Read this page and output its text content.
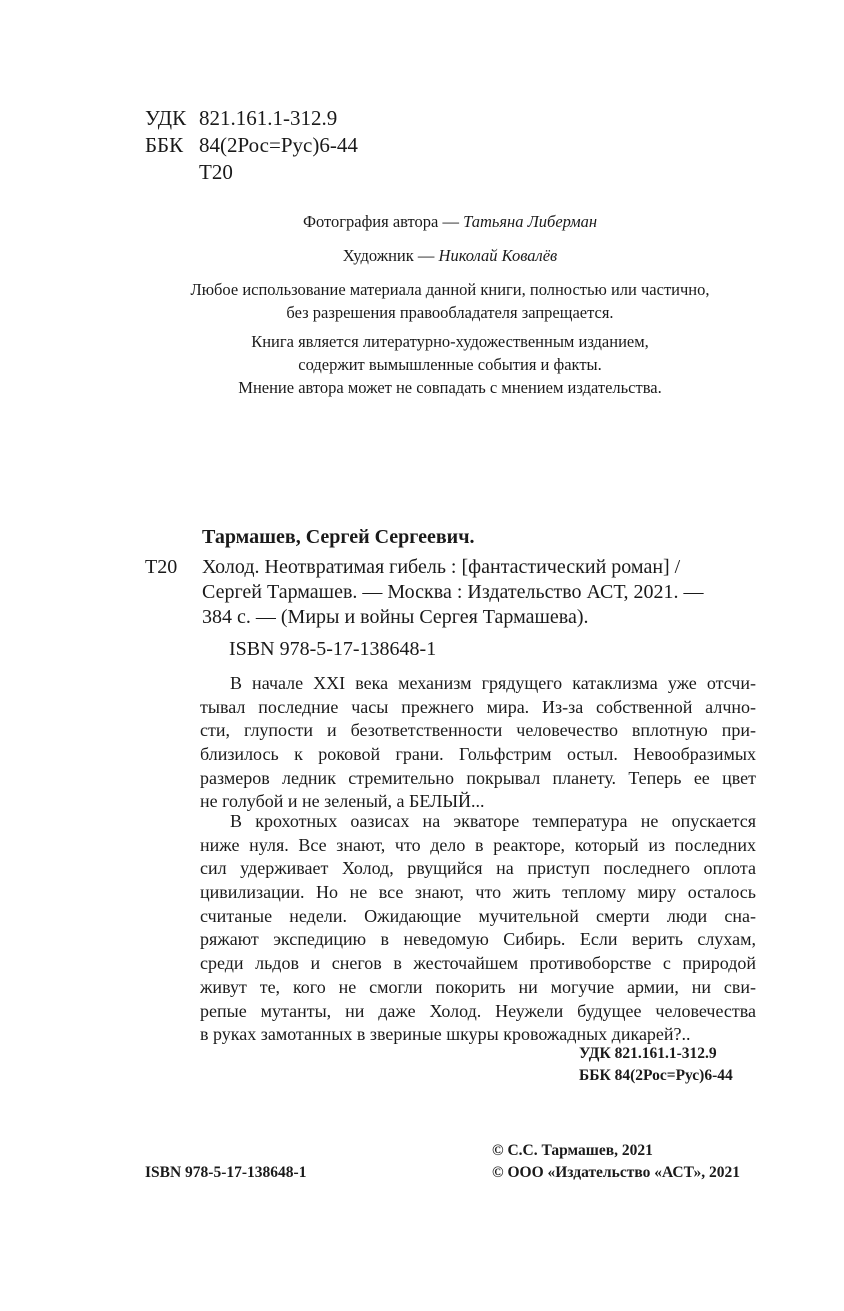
УДК 821.161.1-312.9
ББК 84(2Рос=Рус)6-44
Т20
Фотография автора — Татьяна Либерман
Художник — Николай Ковалёв
Любое использование материала данной книги, полностью или частично,
без разрешения правообладателя запрещается.
Книга является литературно-художественным изданием,
содержит вымышленные события и факты.
Мнение автора может не совпадать с мнением издательства.
Тармашев, Сергей Сергеевич.
Т20 Холод. Неотвратимая гибель : [фантастический роман] /
Сергей Тармашев. — Москва : Издательство АСТ, 2021. —
384 с. — (Миры и войны Сергея Тармашева).
ISBN 978-5-17-138648-1
В начале XXI века механизм грядущего катаклизма уже отсчи-
тывал последние часы прежнего мира. Из-за собственной алчно-
сти, глупости и безответственности человечество вплотную при-
близилось к роковой грани. Гольфстрим остыл. Невообразимых
размеров ледник стремительно покрывал планету. Теперь ее цвет
не голубой и не зеленый, а БЕЛЫЙ...
В крохотных оазисах на экваторе температура не опускается
ниже нуля. Все знают, что дело в реакторе, который из последних
сил удерживает Холод, рвущийся на приступ последнего оплота
цивилизации. Но не все знают, что жить теплому миру осталось
считаные недели. Ожидающие мучительной смерти люди сна-
ряжают экспедицию в неведомую Сибирь. Если верить слухам,
среди льдов и снегов в жесточайшем противоборстве с природой
живут те, кого не смогли покорить ни могучие армии, ни сви-
репые мутанты, ни даже Холод. Неужели будущее человечества
в руках замотанных в звериные шкуры кровожадных дикарей?..
УДК 821.161.1-312.9
ББК 84(2Рос=Рус)6-44
© С.С. Тармашев, 2021
ISBN 978-5-17-138648-1	© ООО «Издательство «АСТ», 2021
